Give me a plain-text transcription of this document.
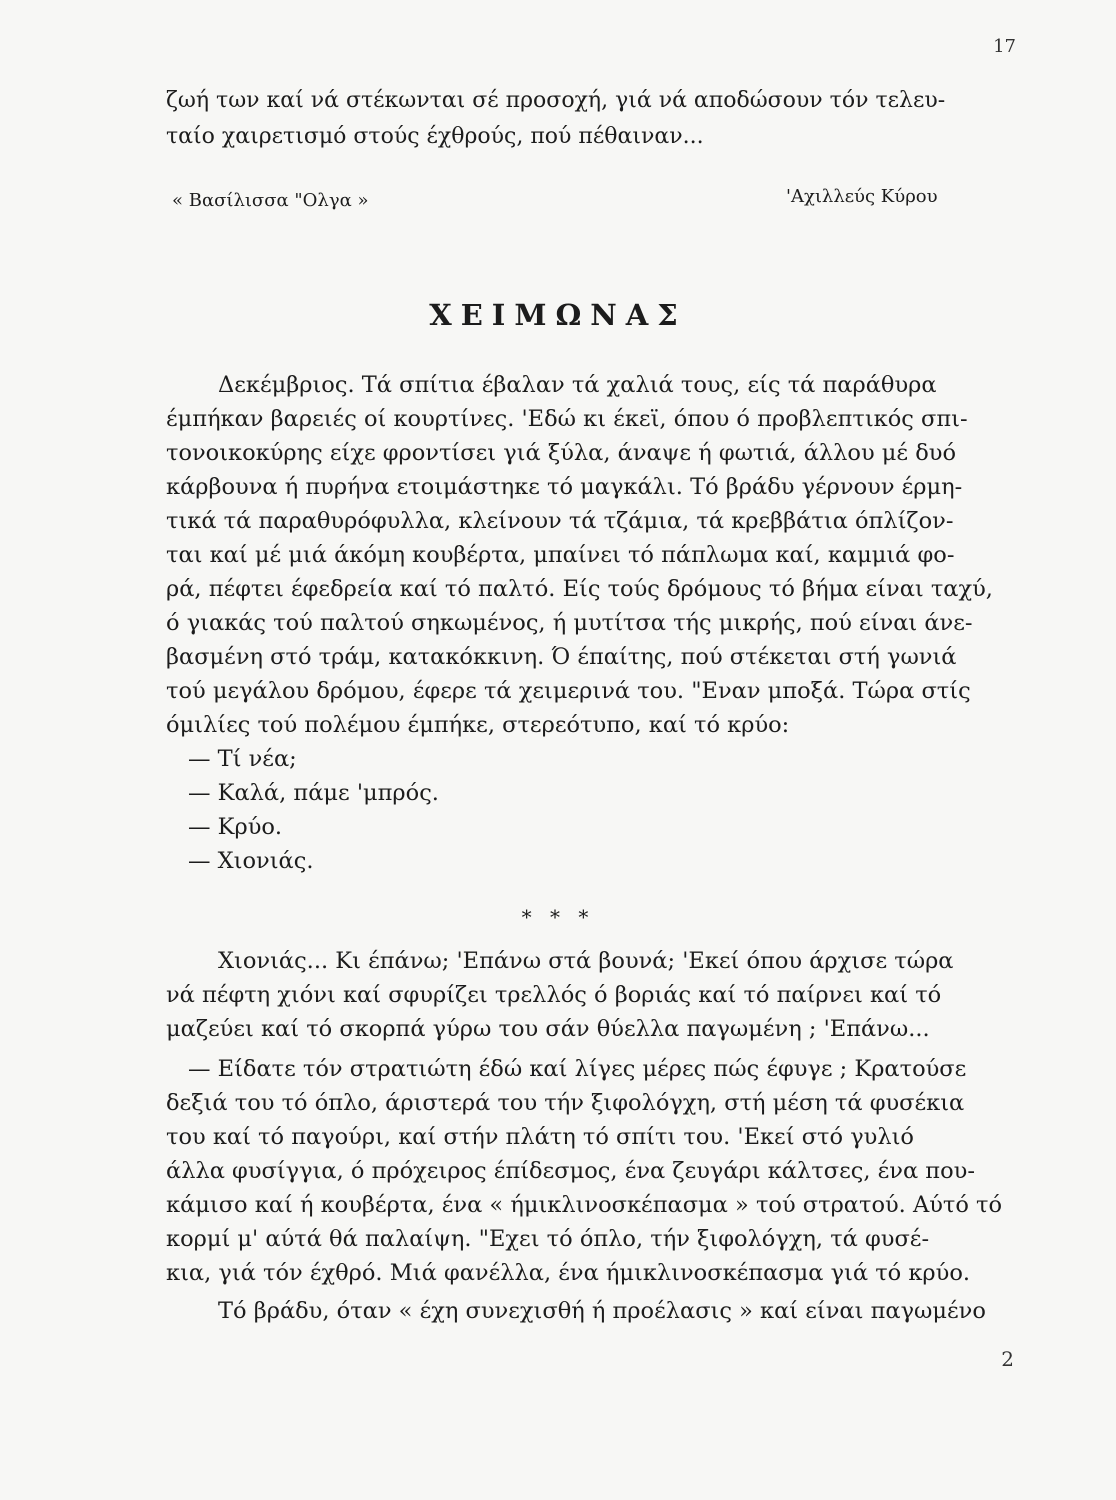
17
ζωή των καί νά στέκωνται σέ προσοχή, γιά νά αποδώσουν τόν τελευ-
ταίο χαιρετισμό στούς έχθρούς, πού πέθαιναν...
« Βασίλισσα "Ολγα »	'Αχιλλεύς Κύρου
ΧΕΙΜΩΝΑΣ
Δεκέμβριος. Τά σπίτια έβαλαν τά χαλιά τους, είς τά παράθυρα
έμπήκαν βαρειές οί κουρτίνες. 'Εδώ κι έκεϊ, όπου ό προβλεπτικός σπι-
τονοικοκύρης είχε φροντίσει γιά ξύλα, άναψε ή φωτιά, άλλου μέ δυό
κάρβουνα ή πυρήνα ετοιμάστηκε τό μαγκάλι. Τό βράδυ γέρνουν έρμη-
τικά τά παραθυρόφυλλα, κλείνουν τά τζάμια, τά κρεββάτια όπλίζον-
ται καί μέ μιά άκόμη κουβέρτα, μπαίνει τό πάπλωμα καί, καμμιά φο-
ρά, πέφτει έφεδρεία καί τό παλτό. Είς τούς δρόμους τό βήμα είναι ταχύ,
ό γιακάς τού παλτού σηκωμένος, ή μυτίτσα τής μικρής, πού είναι άνε-
βασμένη στό τράμ, κατακόκκινη. Ό έπαίτης, πού στέκεται στή γωνιά
τού μεγάλου δρόμου, έφερε τά χειμερινά του. "Εναν μποξά. Τώρα στίς
όμιλίες τού πολέμου έμπήκε, στερεότυπο, καί τό κρύο:
— Τί νέα;
— Καλά, πάμε 'μπρός.
— Κρύο.
— Χιονιάς.
* * *
Χιονιάς... Κι έπάνω; 'Επάνω στά βουνά; 'Εκεί όπου άρχισε τώρα
νά πέφτη χιόνι καί σφυρίζει τρελλός ό βοριάς καί τό παίρνει καί τό
μαζεύει καί τό σκορπά γύρω του σάν θύελλα παγωμένη ; 'Επάνω...
— Είδατε τόν στρατιώτη έδώ καί λίγες μέρες πώς έφυγε ; Κρατούσε
δεξιά του τό όπλο, άριστερά του τήν ξιφολόγχη, στή μέση τά φυσέκια
του καί τό παγούρι, καί στήν πλάτη τό σπίτι του. 'Εκεί στό γυλιό
άλλα φυσίγγια, ό πρόχειρος έπίδεσμος, ένα ζευγάρι κάλτσες, ένα που-
κάμισο καί ή κουβέρτα, ένα « ήμικλινοσκέπασμα » τού στρατού. Αύτό τό
κορμί μ' αύτά θά παλαίψη. "Εχει τό όπλο, τήν ξιφολόγχη, τά φυσέ-
κια, γιά τόν έχθρό. Μιά φανέλλα, ένα ήμικλινοσκέπασμα γιά τό κρύο.
Τό βράδυ, όταν « έχη συνεχισθή ή προέλασις » καί είναι παγωμένο
2
